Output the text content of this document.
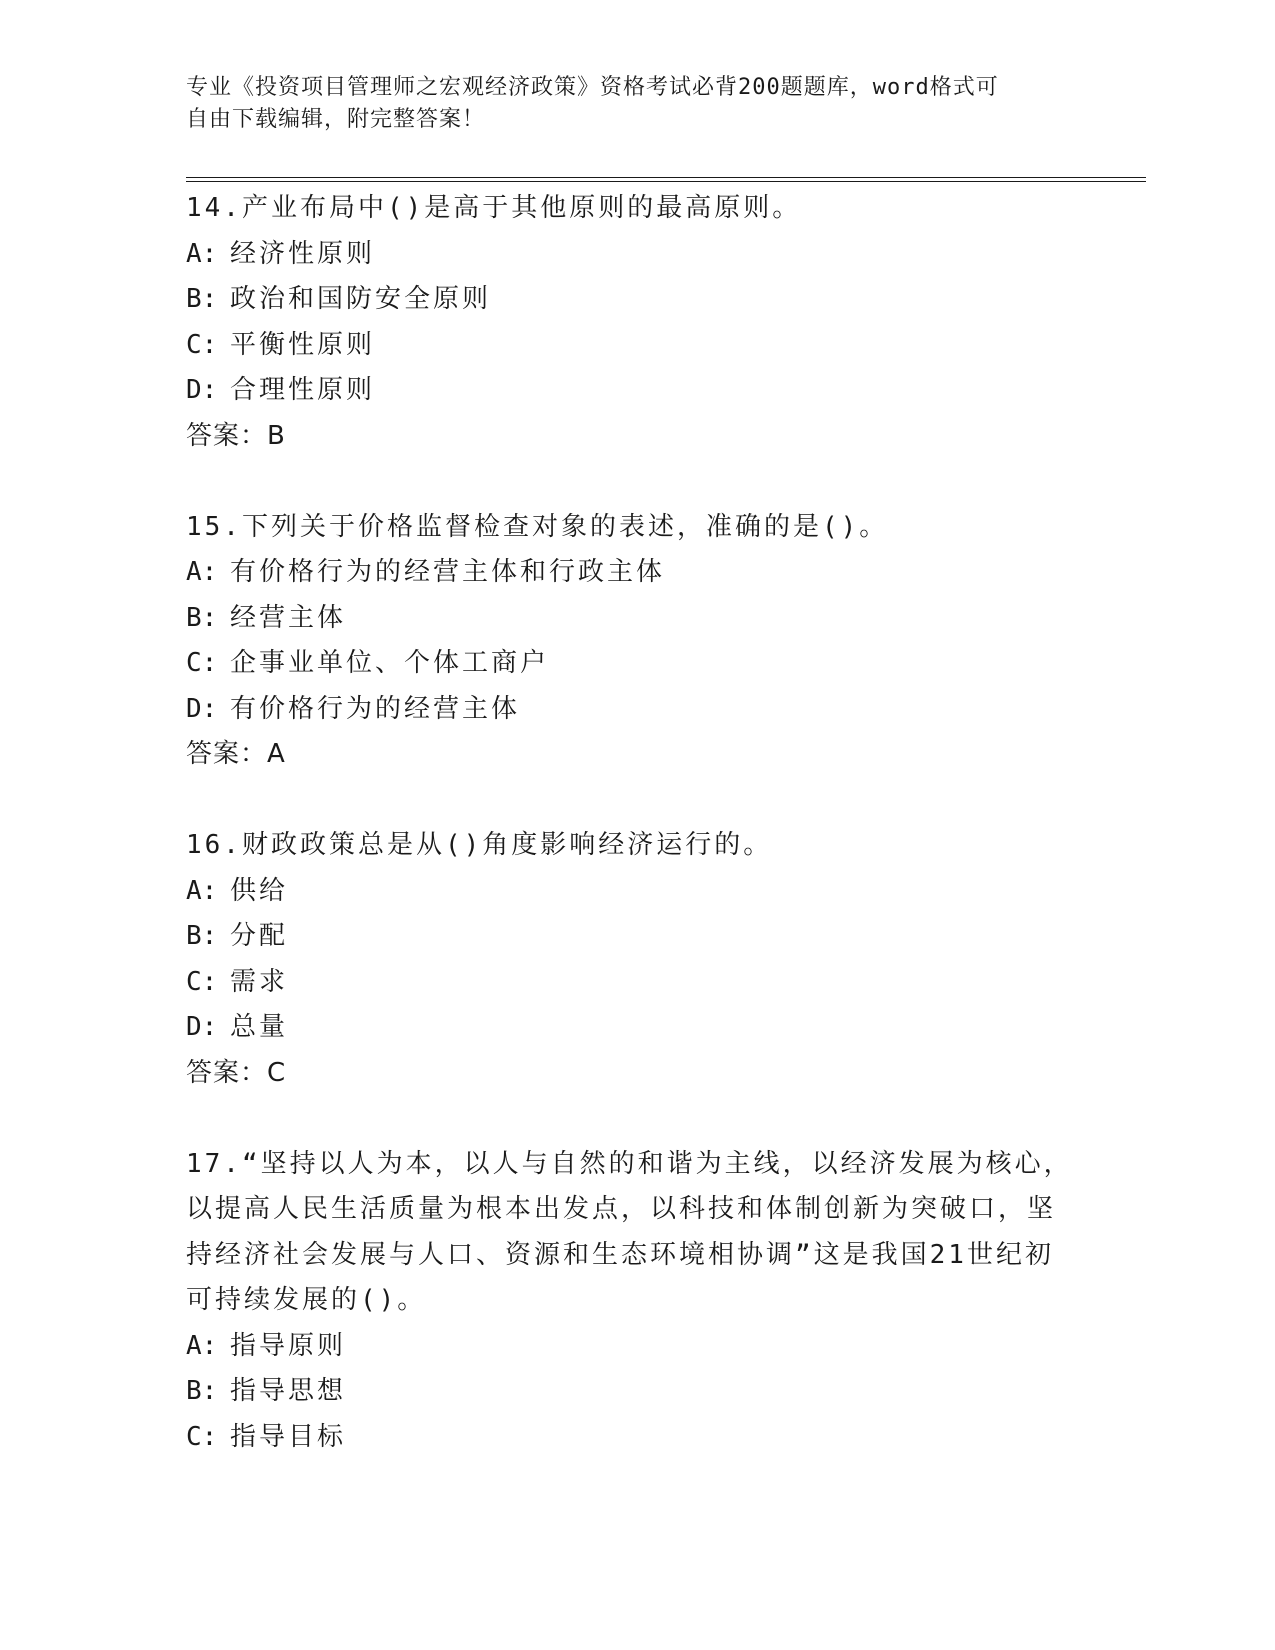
专业《投资项目管理师之宏观经济政策》资格考试必背200题题库，word格式可
自由下载编辑，附完整答案！
14.产业布局中()是高于其他原则的最高原则。
A: 经济性原则
B: 政治和国防安全原则
C: 平衡性原则
D: 合理性原则
答案：B
15.下列关于价格监督检查对象的表述，准确的是()。
A: 有价格行为的经营主体和行政主体
B: 经营主体
C: 企事业单位、个体工商户
D: 有价格行为的经营主体
答案：A
16.财政政策总是从()角度影响经济运行的。
A: 供给
B: 分配
C: 需求
D: 总量
答案：C
17.“坚持以人为本，以人与自然的和谐为主线，以经济发展为核心，
以提高人民生活质量为根本出发点，以科技和体制创新为突破口，坚
持经济社会发展与人口、资源和生态环境相协调”这是我国21世纪初
可持续发展的()。
A: 指导原则
B: 指导思想
C: 指导目标
